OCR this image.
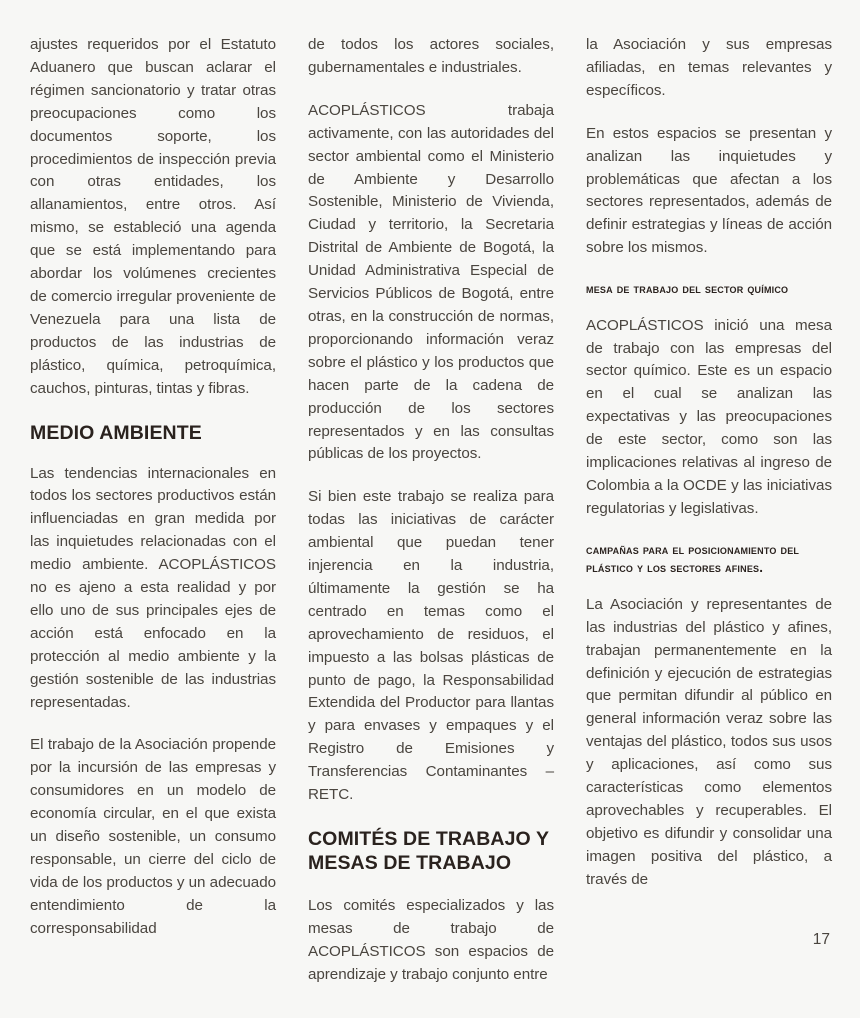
ajustes requeridos por el Estatuto Aduanero que buscan aclarar el régimen sancionatorio y tratar otras preocupaciones como los documentos soporte, los procedimientos de inspección previa con otras entidades, los allanamientos, entre otros. Así mismo, se estableció una agenda que se está implementando para abordar los volúmenes crecientes de comercio irregular proveniente de Venezuela para una lista de productos de las industrias de plástico, química, petroquímica, cauchos, pinturas, tintas y fibras.

MEDIO AMBIENTE

Las tendencias internacionales en todos los sectores productivos están influenciadas en gran medida por las inquietudes relacionadas con el medio ambiente. ACOPLÁSTICOS no es ajeno a esta realidad y por ello uno de sus principales ejes de acción está enfocado en la protección al medio ambiente y la gestión sostenible de las industrias representadas.

El trabajo de la Asociación propende por la incursión de las empresas y consumidores en un modelo de economía circular, en el que exista un diseño sostenible, un consumo responsable, un cierre del ciclo de vida de los productos y un adecuado entendimiento de la corresponsabilidad

de todos los actores sociales, gubernamentales e industriales.

ACOPLÁSTICOS trabaja activamente, con las autoridades del sector ambiental como el Ministerio de Ambiente y Desarrollo Sostenible, Ministerio de Vivienda, Ciudad y territorio, la Secretaria Distrital de Ambiente de Bogotá, la Unidad Administrativa Especial de Servicios Públicos de Bogotá, entre otras, en la construcción de normas, proporcionando información veraz sobre el plástico y los productos que hacen parte de la cadena de producción de los sectores representados y en las consultas públicas de los proyectos.

Si bien este trabajo se realiza para todas las iniciativas de carácter ambiental que puedan tener injerencia en la industria, últimamente la gestión se ha centrado en temas como el aprovechamiento de residuos, el impuesto a las bolsas plásticas de punto de pago, la Responsabilidad Extendida del Productor para llantas y para envases y empaques y el Registro de Emisiones y Transferencias Contaminantes –RETC.

COMITÉS DE TRABAJO Y MESAS DE TRABAJO

Los comités especializados y las mesas de trabajo de ACOPLÁSTICOS son espacios de aprendizaje y trabajo conjunto entre

la Asociación y sus empresas afiliadas, en temas relevantes y específicos.

En estos espacios se presentan y analizan las inquietudes y problemáticas que afectan a los sectores representados, además de definir estrategias y líneas de acción sobre los mismos.

mesa de trabajo del sector químico

ACOPLÁSTICOS inició una mesa de trabajo con las empresas del sector químico. Este es un espacio en el cual se analizan las expectativas y las preocupaciones de este sector, como son las implicaciones relativas al ingreso de Colombia a la OCDE y las iniciativas regulatorias y legislativas.

campañas para el posicionamiento del plástico y los sectores afines.

La Asociación y representantes de las industrias del plástico y afines, trabajan permanentemente en la definición y ejecución de estrategias que permitan difundir al público en general información veraz sobre las ventajas del plástico, todos sus usos y aplicaciones, así como sus características como elementos aprovechables y recuperables. El objetivo es difundir y consolidar una imagen positiva del plástico, a través de

17
